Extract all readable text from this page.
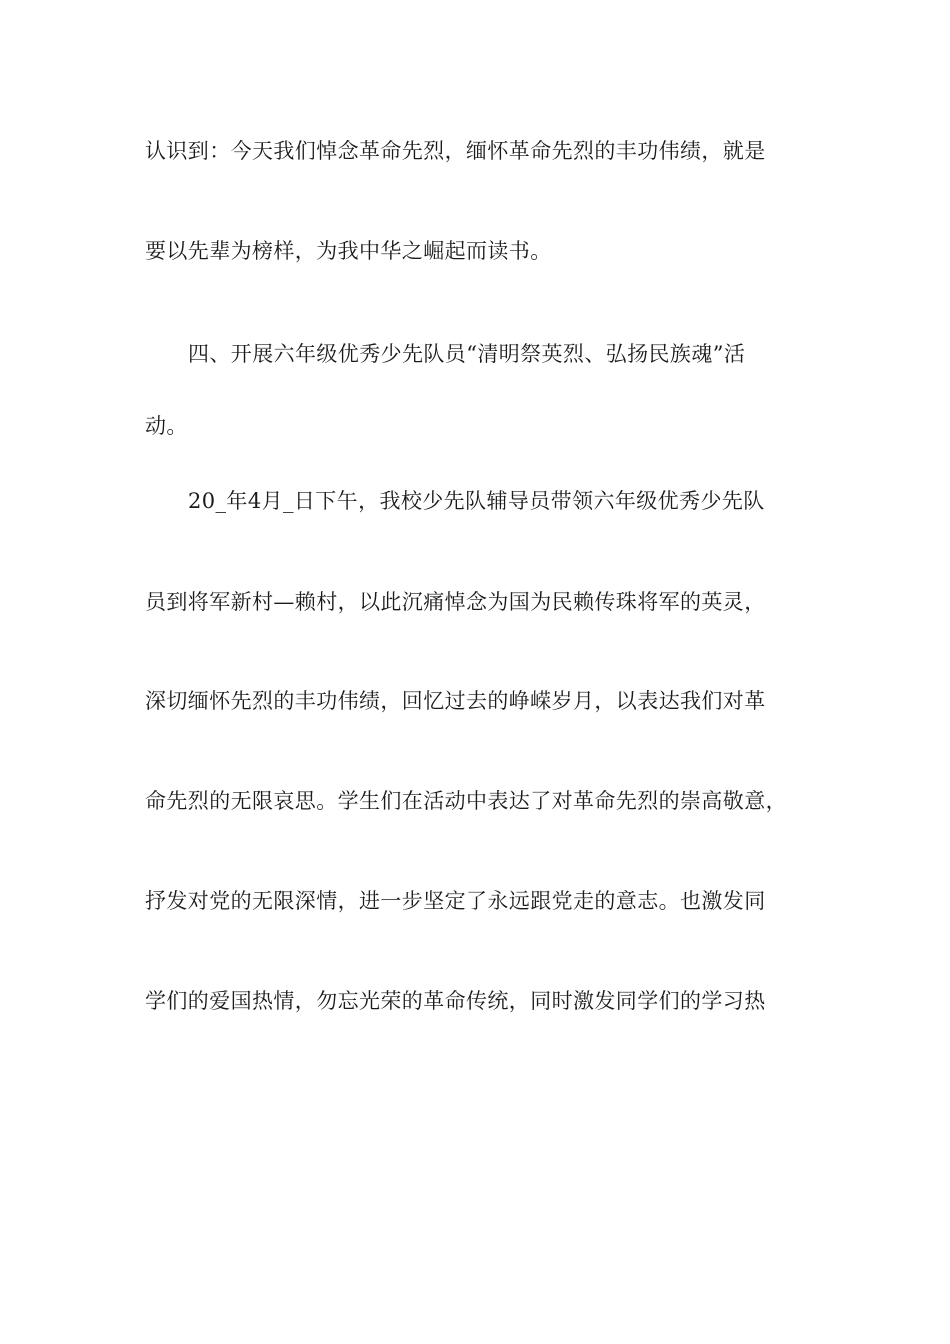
认识到：今天我们悼念革命先烈，缅怀革命先烈的丰功伟绩，就是
要以先辈为榜样，为我中华之崛起而读书。
四、开展六年级优秀少先队员“清明祭英烈、弘扬民族魂”活
动。
20_年4月_日下午，我校少先队辅导员带领六年级优秀少先队
员到将军新村—赖村，以此沉痛悼念为国为民赖传珠将军的英灵，
深切缅怀先烈的丰功伟绩，回忆过去的峥嵘岁月，以表达我们对革
命先烈的无限哀思。学生们在活动中表达了对革命先烈的崇高敬意，
抒发对党的无限深情，进一步坚定了永远跟党走的意志。也激发同
学们的爱国热情，勿忘光荣的革命传统，同时激发同学们的学习热
